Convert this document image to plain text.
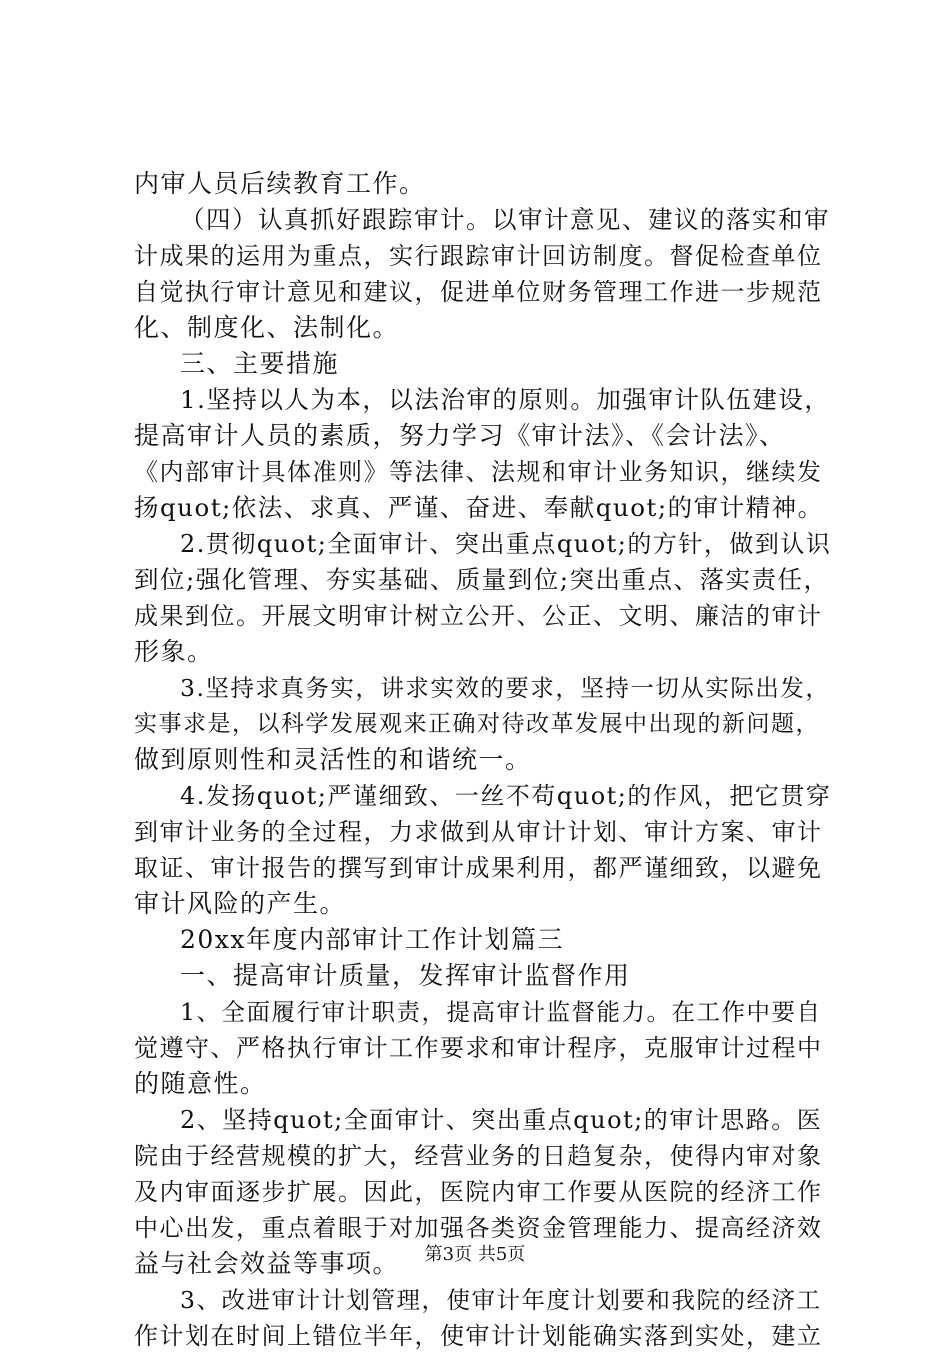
内审人员后续教育工作。
（四）认真抓好跟踪审计。以审计意见、建议的落实和审
计成果的运用为重点，实行跟踪审计回访制度。督促检查单位
自觉执行审计意见和建议，促进单位财务管理工作进一步规范
化、制度化、法制化。
三、主要措施
1.坚持以人为本，以法治审的原则。加强审计队伍建设，
提高审计人员的素质，努力学习《审计法》、《会计法》、
《内部审计具体准则》等法律、法规和审计业务知识，继续发
扬quot;依法、求真、严谨、奋进、奉献quot;的审计精神。
2.贯彻quot;全面审计、突出重点quot;的方针，做到认识
到位;强化管理、夯实基础、质量到位;突出重点、落实责任，
成果到位。开展文明审计树立公开、公正、文明、廉洁的审计
形象。
3.坚持求真务实，讲求实效的要求，坚持一切从实际出发，
实事求是，以科学发展观来正确对待改革发展中出现的新问题，
做到原则性和灵活性的和谐统一。
4.发扬quot;严谨细致、一丝不苟quot;的作风，把它贯穿
到审计业务的全过程，力求做到从审计计划、审计方案、审计
取证、审计报告的撰写到审计成果利用，都严谨细致，以避免
审计风险的产生。
20xx年度内部审计工作计划篇三
一、提高审计质量，发挥审计监督作用
1、全面履行审计职责，提高审计监督能力。在工作中要自
觉遵守、严格执行审计工作要求和审计程序，克服审计过程中
的随意性。
2、坚持quot;全面审计、突出重点quot;的审计思路。医
院由于经营规模的扩大，经营业务的日趋复杂，使得内审对象
及内审面逐步扩展。因此，医院内审工作要从医院的经济工作
中心出发，重点着眼于对加强各类资金管理能力、提高经济效
益与社会效益等事项。
3、改进审计计划管理，使审计年度计划要和我院的经济工
作计划在时间上错位半年，使审计计划能确实落到实处，建立
第3页 共5页
